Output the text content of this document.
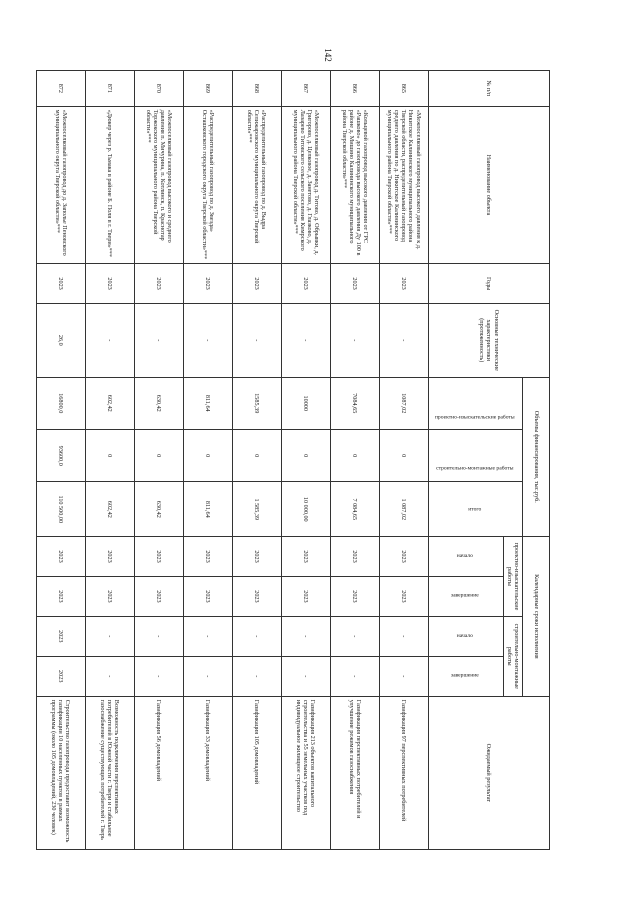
142
№ п/п	Наименование объекта	Годы	Основные технические характеристики (протяженность)	Объемы финансирования, тыс.руб.			Календарные сроки исполнения				Ожидаемый результат
				проектно-изыскательские работы	строительно-монтажные работы	итого	проектно-изыскательские работы		строительно-монтажные работы		
							начало	завершение	начало	завершение	
865	«Межпоселковый газопровод высокого давления к д. Никитское Калининского муниципального района Тверской области, распределительный газопровод среднего давления по д. Никитское Калининского муниципального района Тверской области»***	2023	-	1087,02	0	1 087,02	2023	2023	-	-	Газификация 97 перспективных потребителей
866	«Кольцевой газопровод высокого давления от ГРС «Рашково» до газопровода высокого давления Ду 100 в районе д. Мишино Калининского муниципального района Тверской области»***	2023	-	7084,65	0	7 084,65	2023	2023	-	-	Газификация перспективных потребителей и улучшение режимов газоснабжения
867	«Межпоселковый газопровод д. Титово, д. Обрывки, д. Григорово, д. Целковое, д. Занетово, д. Глазково, д. Лазарево Титовского сельского поселения Кимрского муниципального района Тверской области»***	2023	-	10000	0	10 000,00	2023	2023	-	-	Газификация 213 объектов капитального строительства и 55 земельных участков под индивидуальное жилищное строительство
868	«Распределительный газопровод по д. Выдра Селижаровского муниципального округа Тверской области»***	2023	-	1585,39	0	1 585,39	2023	2023	-	-	Газификация 105 домовладений
869	«Распределительный газопровод по д. Звезда» Осташковского городского округа Тверской области»***	2023	-	811,64	0	811,64	2023	2023	-	-	Газификация 33 домовладений
870	«Межпоселковый газопровод высокого и среднего давления п. Мичурина, п. Котлинск, п. Краснотар Торжокского муниципального района Тверской области»***	2023	-	630,42	0	630,42	2023	2023	-	-	Газификация 56 домовладений
871	«Дюкер через р. Тьмака в районе Б. Поля в г. Твери»***	2023	-	602,42	0	602,42	2023	2023	-	-	Возможность подключения перспективных потребителей в Южной части г. Твери и стабильное газоснабжение существующих потребителей г. Тверь
872	«Межпоселковый газопровод до д. Заполье Пеновского муниципального округа Тверской области»***	2023	26,0	16800,0	93600,0	110 500,00	2023	2023	2023	2023	Строительство газопровода предоставит возможность газификации 10 населенных пунктов в рамках программы (около 105 домовладений, 230 человек)
